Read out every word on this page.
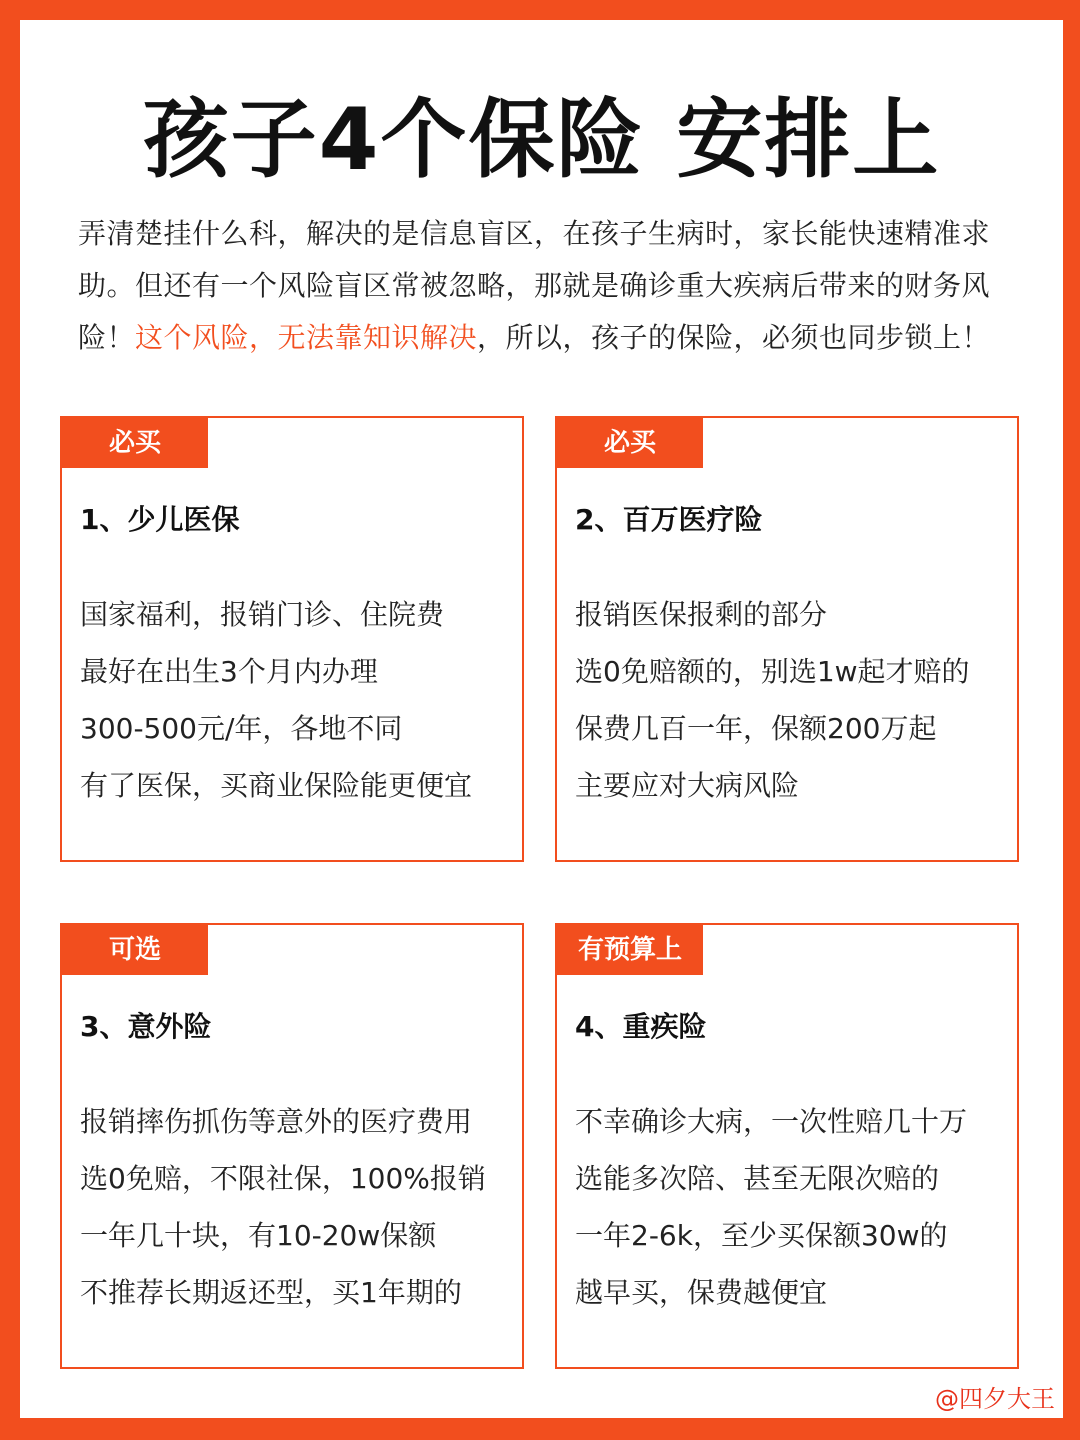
孩子4个保险 安排上
弄清楚挂什么科，解决的是信息盲区，在孩子生病时，家长能快速精准求助。但还有一个风险盲区常被忽略，那就是确诊重大疾病后带来的财务风险！这个风险，无法靠知识解决，所以，孩子的保险，必须也同步锁上！
必买
1、少儿医保
国家福利，报销门诊、住院费
最好在出生3个月内办理
300-500元/年，各地不同
有了医保，买商业保险能更便宜
必买
2、百万医疗险
报销医保报剩的部分
选0免赔额的，别选1w起才赔的
保费几百一年，保额200万起
主要应对大病风险
可选
3、意外险
报销摔伤抓伤等意外的医疗费用
选0免赔，不限社保，100%报销
一年几十块，有10-20w保额
不推荐长期返还型，买1年期的
有预算上
4、重疾险
不幸确诊大病，一次性赔几十万
选能多次陪、甚至无限次赔的
一年2-6k，至少买保额30w的
越早买，保费越便宜
@四夕大王
